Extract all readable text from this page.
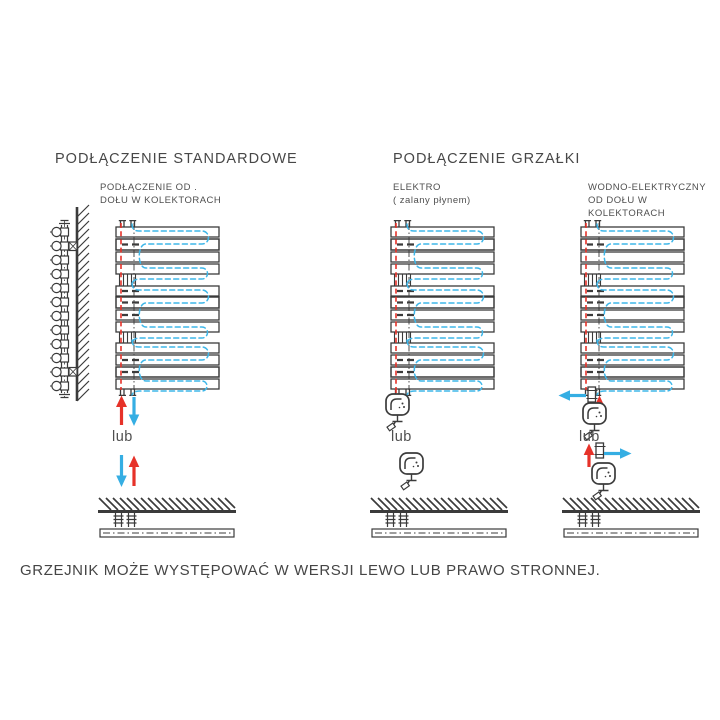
PODŁĄCZENIE STANDARDOWE	PODŁĄCZENIE GRZAŁKI
PODŁĄCZENIE OD .
DOŁU W KOLEKTORACH
ELEKTRO
( zalany płynem)
WODNO-ELEKTRYCZNY
OD DOŁU W
KOLEKTORACH
lub	lub	lub
GRZEJNIK MOŻE WYSTĘPOWAĆ W WERSJI LEWO LUB PRAWO STRONNEJ.
